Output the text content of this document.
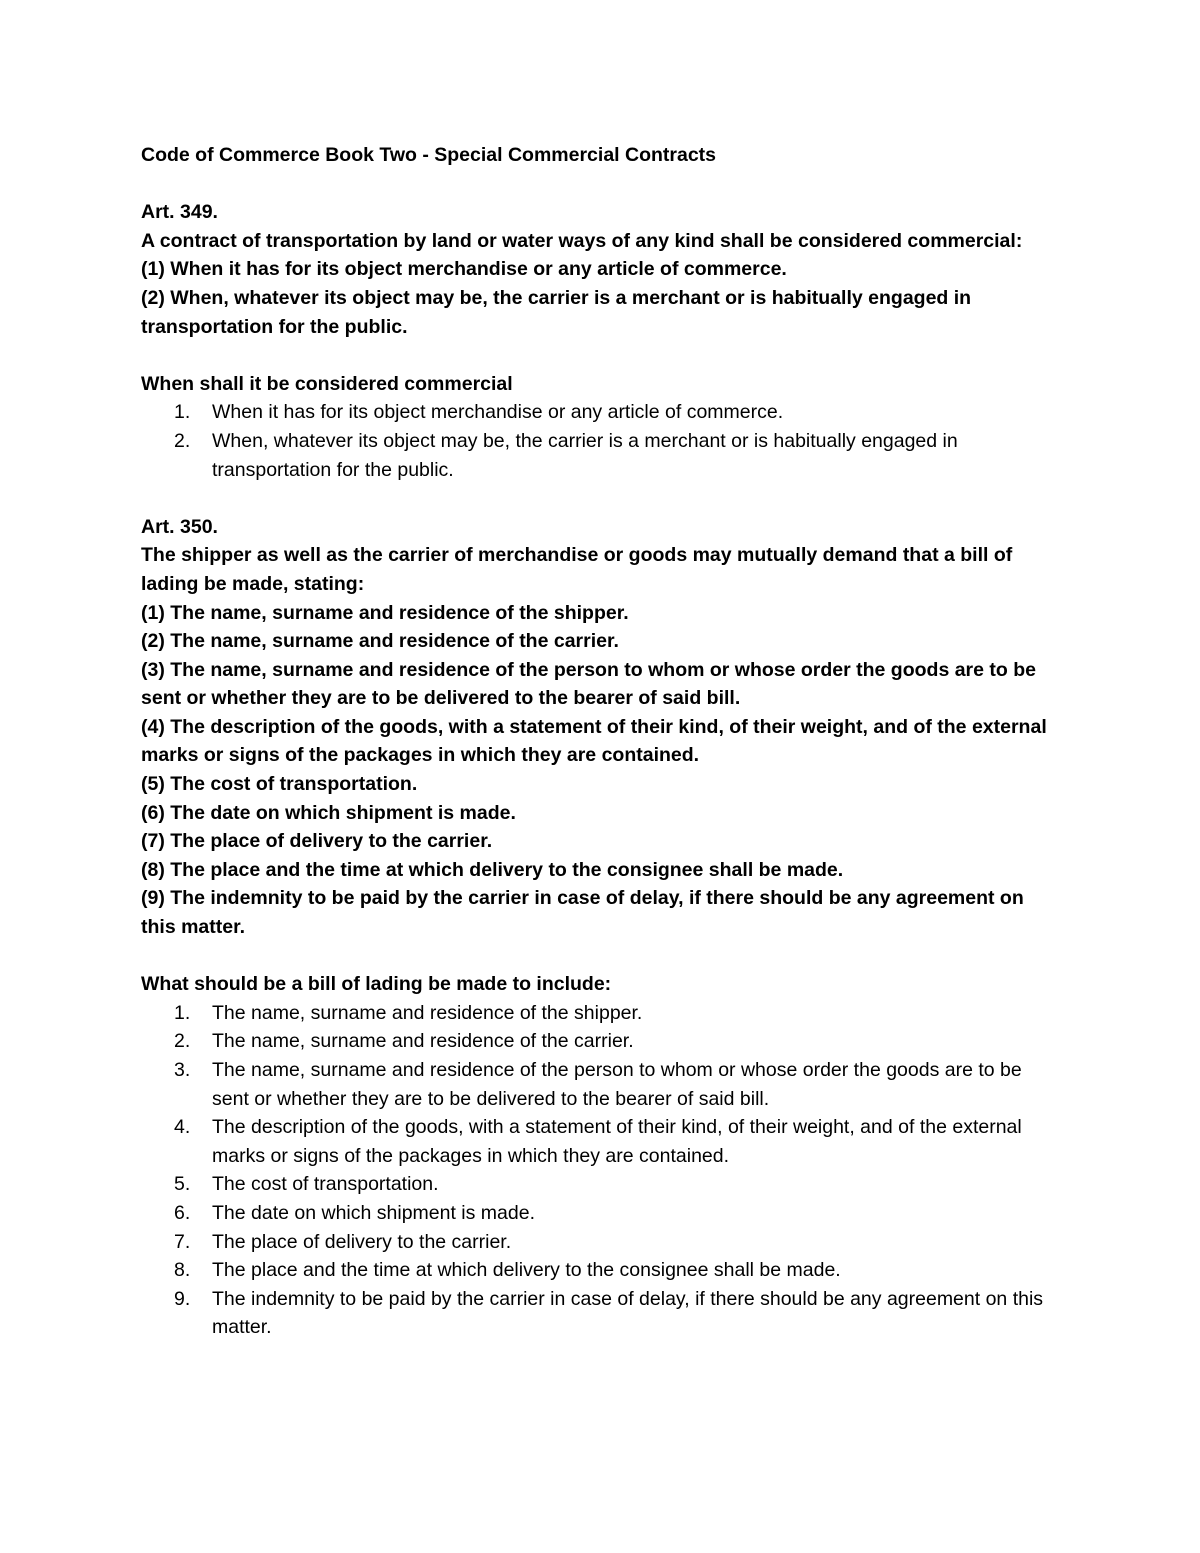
Code of Commerce Book Two - Special Commercial Contracts

Art. 349.

A contract of transportation by land or water ways of any kind shall be considered commercial:

(1) When it has for its object merchandise or any article of commerce.

(2) When, whatever its object may be, the carrier is a merchant or is habitually engaged in transportation for the public.

When shall it be considered commercial

1.	When it has for its object merchandise or any article of commerce.
2.	When, whatever its object may be, the carrier is a merchant or is habitually engaged in transportation for the public.

Art. 350.

The shipper as well as the carrier of merchandise or goods may mutually demand that a bill of lading be made, stating:

(1) The name, surname and residence of the shipper.

(2) The name, surname and residence of the carrier.

(3) The name, surname and residence of the person to whom or whose order the goods are to be sent or whether they are to be delivered to the bearer of said bill.

(4) The description of the goods, with a statement of their kind, of their weight, and of the external marks or signs of the packages in which they are contained.

(5) The cost of transportation.

(6) The date on which shipment is made.

(7) The place of delivery to the carrier.

(8) The place and the time at which delivery to the consignee shall be made.

(9) The indemnity to be paid by the carrier in case of delay, if there should be any agreement on this matter.

What should be a bill of lading be made to include:

1.	The name, surname and residence of the shipper.
2.	The name, surname and residence of the carrier.
3.	The name, surname and residence of the person to whom or whose order the goods are to be sent or whether they are to be delivered to the bearer of said bill.
4.	The description of the goods, with a statement of their kind, of their weight, and of the external marks or signs of the packages in which they are contained.
5.	The cost of transportation.
6.	The date on which shipment is made.
7.	The place of delivery to the carrier.
8.	The place and the time at which delivery to the consignee shall be made.
9.	The indemnity to be paid by the carrier in case of delay, if there should be any agreement on this matter.
